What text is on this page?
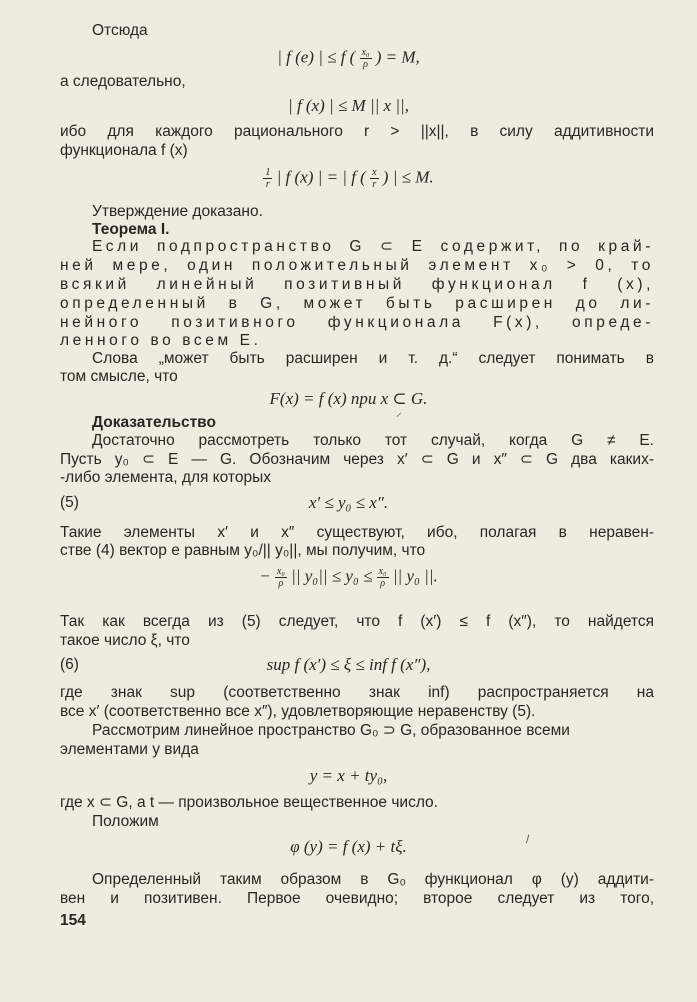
Отсюда
| f (e) | ≤ f ( $\frac{\text{x₀}}{\rho}$ ) = M,
а следовательно,
| f (x) | ≤ M || x ||,
ибо для каждого рационального r > ||x||, в силу аддитивности
функционала f (x)
$\frac{1}{r}$ | f (x) | = | f ( $\frac{x}{r}$ ) | ≤ M.
Утверждение доказано.
Теорема I.
Если подпространство G ⊂ E содержит, по край-
ней мере, один положительный элемент x₀ > 0, то
всякий линейный позитивный функционал f (x),
определенный в G, может быть расширен до ли-
нейного позитивного функционала F(x), опреде-
ленного во всем E.
Слова „может быть расширен и т. д.“ следует понимать в
том смысле, что
F(x) = f (x) при x ⊂ G.
Доказательство
⸝
Достаточно рассмотреть только тот случай, когда G ≠ E.
Пусть y₀ ⊂ E — G. Обозначим через x′ ⊂ G и x″ ⊂ G два каких-
-либо элемента, для которых
(5)	x′ ≤ y₀ ≤ x″.
Такие элементы x′ и x″ существуют, ибо, полагая в неравен-
стве (4) вектор e равным y₀/|| y₀||, мы получим, что
− $\frac{\text{x₀}}{\rho}$ || $y_0|| \le y_0 \le \frac{\text{x₀}}{\rho}$ || y₀ ||.
Так как всегда из (5) следует, что f (x′) ≤ f (x″), то найдется
такое число ξ, что
(6)	sup f (x′) ≤ ξ ≤ inf f (x″),
где знак sup (соответственно знак inf) распространяется на
все x′ (соответственно все x″), удовлетворяющие неравенству (5).
Рассмотрим линейное пространство G₀ ⊃ G, образованное всеми
элементами y вида
y = x + ty₀,
где x ⊂ G, а t — произвольное вещественное число.
Положим
φ (y) = f (x) + tξ.	/
Определенный таким образом в G₀ функционал φ (y) аддити-
вен и позитивен. Первое очевидно; второе следует из того,
154
